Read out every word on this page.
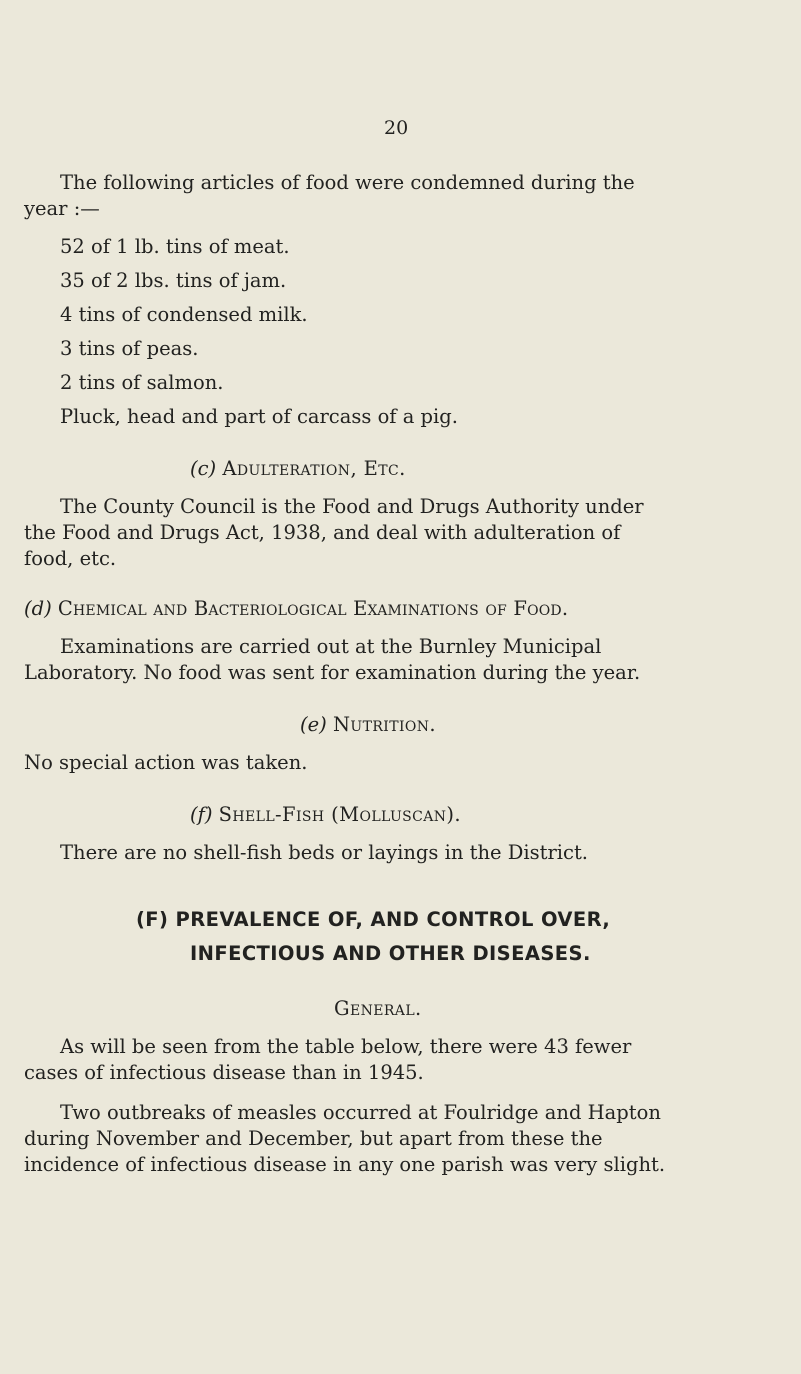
20
The following articles of food were condemned during the
year :—
52 of 1 lb. tins of meat.
35 of 2 lbs. tins of jam.
4 tins of condensed milk.
3 tins of peas.
2 tins of salmon.
Pluck, head and part of carcass of a pig.
(c) Adulteration, Etc.
The County Council is the Food and Drugs Authority under
the Food and Drugs Act, 1938, and deal with adulteration of
food, etc.
(d) Chemical and Bacteriological Examinations of Food.
Examinations are carried out at the Burnley Municipal
Laboratory. No food was sent for examination during the year.
(e) Nutrition.
No special action was taken.
(f) Shell-Fish (Molluscan).
There are no shell-fish beds or layings in the District.
(F) PREVALENCE OF, AND CONTROL OVER,
INFECTIOUS AND OTHER DISEASES.
General.
As will be seen from the table below, there were 43 fewer
cases of infectious disease than in 1945.
Two outbreaks of measles occurred at Foulridge and Hapton
during November and December, but apart from these the
incidence of infectious disease in any one parish was very slight.
